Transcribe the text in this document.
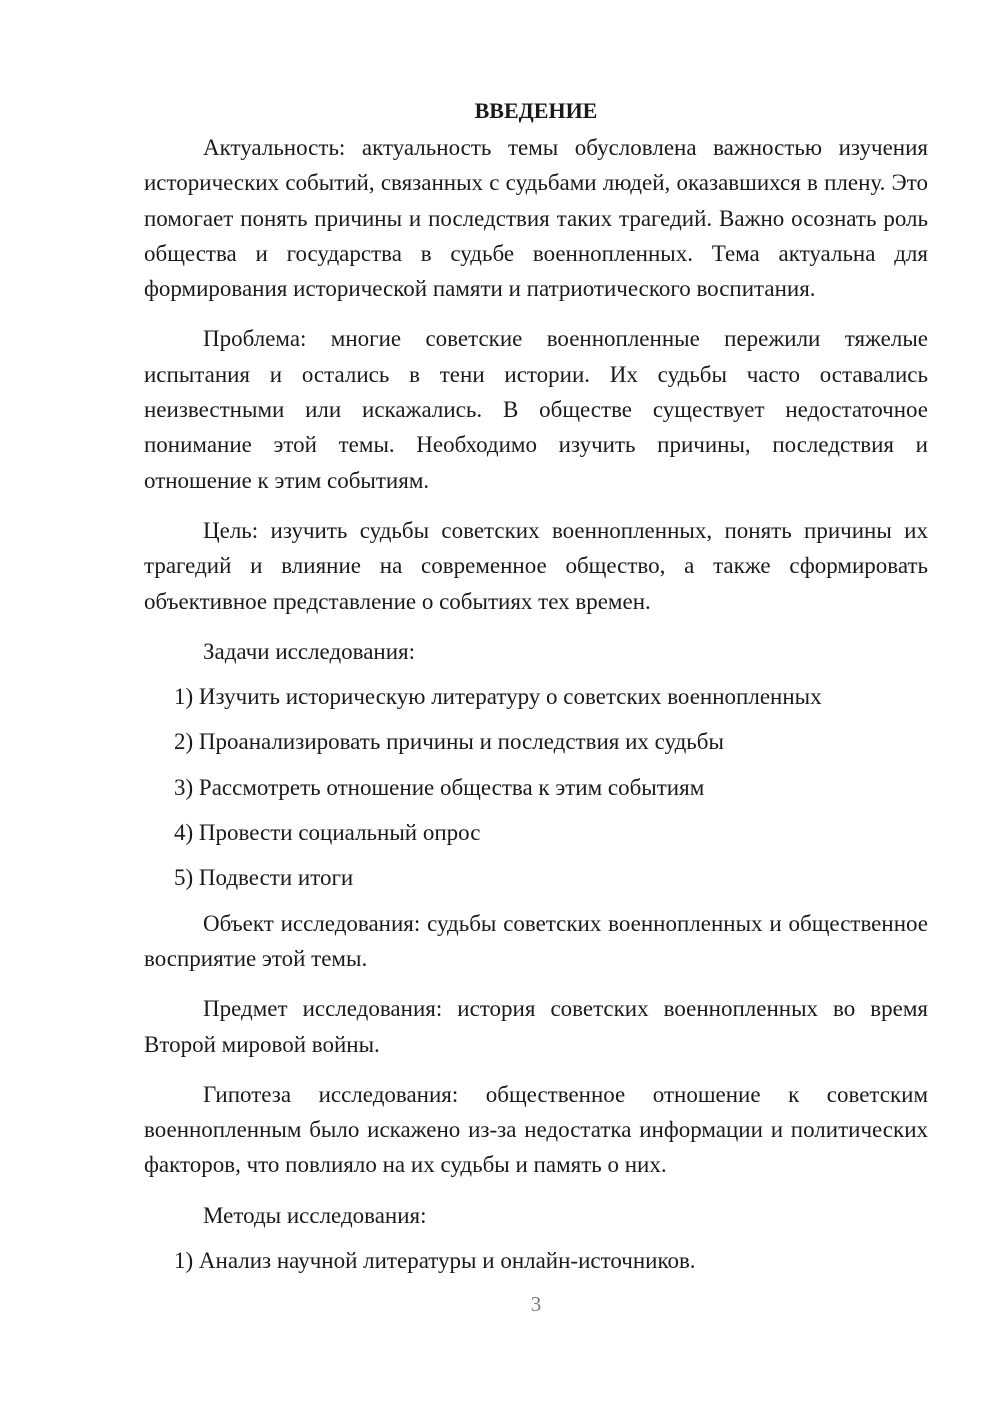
ВВЕДЕНИЕ

Актуальность: актуальность темы обусловлена важностью изучения исторических событий, связанных с судьбами людей, оказавшихся в плену. Это помогает понять причины и последствия таких трагедий. Важно осознать роль общества и государства в судьбе военнопленных. Тема актуальна для формирования исторической памяти и патриотического воспитания.

Проблема: многие советские военнопленные пережили тяжелые испытания и остались в тени истории. Их судьбы часто оставались неизвестными или искажались. В обществе существует недостаточное понимание этой темы. Необходимо изучить причины, последствия и отношение к этим событиям.

Цель: изучить судьбы советских военнопленных, понять причины их трагедий и влияние на современное общество, а также сформировать объективное представление о событиях тех времен.

Задачи исследования:

1) Изучить историческую литературу о советских военнопленных

2) Проанализировать причины и последствия их судьбы

3) Рассмотреть отношение общества к этим событиям

4) Провести социальный опрос

5) Подвести итоги

Объект исследования: судьбы советских военнопленных и общественное восприятие этой темы.

Предмет исследования: история советских военнопленных во время Второй мировой войны.

Гипотеза исследования: общественное отношение к советским военнопленным было искажено из-за недостатка информации и политических факторов, что повлияло на их судьбы и память о них.

Методы исследования:

1) Анализ научной литературы и онлайн-источников.

3
